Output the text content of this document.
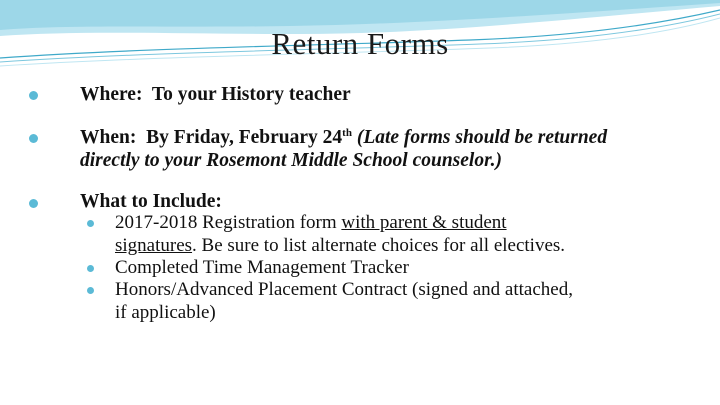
Return Forms
Where: To your History teacher
When: By Friday, February 24th (Late forms should be returned
directly to your Rosemont Middle School counselor.)
What to Include:
2017-2018 Registration form with parent & student
signatures. Be sure to list alternate choices for all electives.
Completed Time Management Tracker
Honors/Advanced Placement Contract (signed and attached,
if applicable)
